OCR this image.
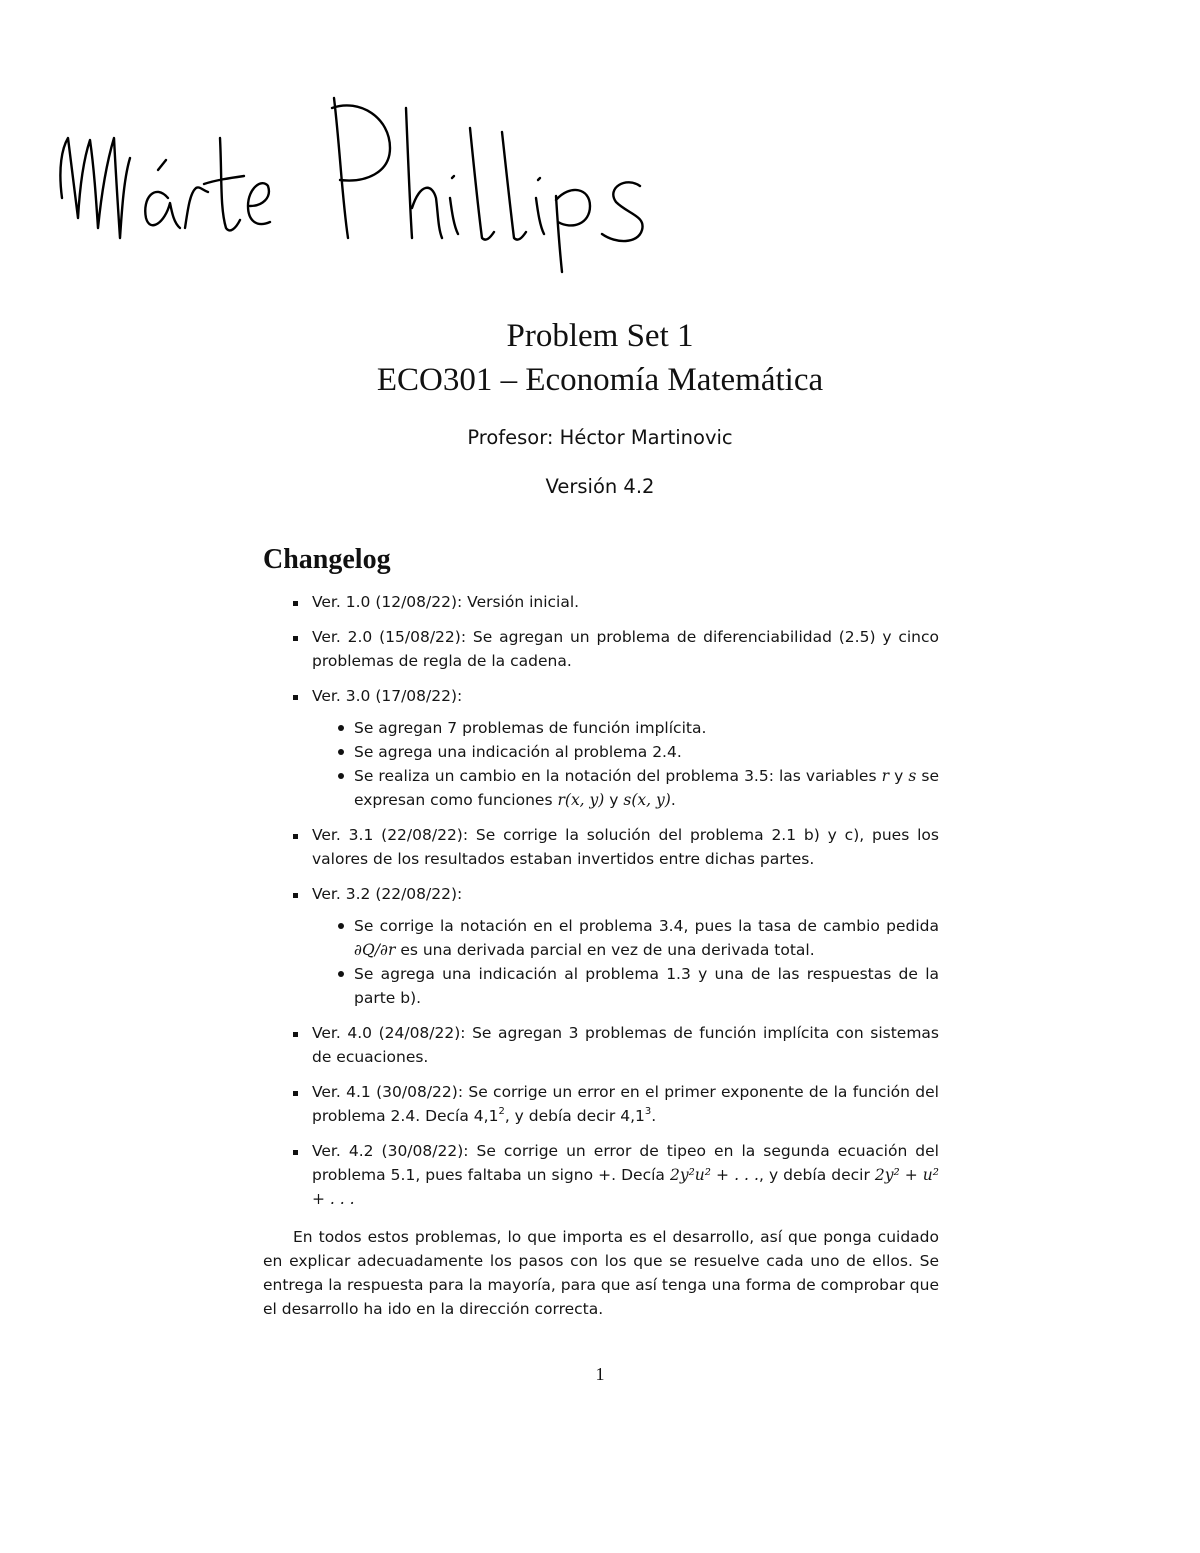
Problem Set 1
ECO301 – Economía Matemática
Profesor: Héctor Martinovic
Versión 4.2
Changelog
Ver. 1.0 (12/08/22): Versión inicial.
Ver. 2.0 (15/08/22): Se agregan un problema de diferenciabilidad (2.5) y cinco problemas de regla de la cadena.
Ver. 3.0 (17/08/22):
Se agregan 7 problemas de función implícita.
Se agrega una indicación al problema 2.4.
Se realiza un cambio en la notación del problema 3.5: las variables r y s se expresan como funciones r(x, y) y s(x, y).
Ver. 3.1 (22/08/22): Se corrige la solución del problema 2.1 b) y c), pues los valores de los resultados estaban invertidos entre dichas partes.
Ver. 3.2 (22/08/22):
Se corrige la notación en el problema 3.4, pues la tasa de cambio pedida ∂Q/∂r es una derivada parcial en vez de una derivada total.
Se agrega una indicación al problema 1.3 y una de las respuestas de la parte b).
Ver. 4.0 (24/08/22): Se agregan 3 problemas de función implícita con sistemas de ecuaciones.
Ver. 4.1 (30/08/22): Se corrige un error en el primer exponente de la función del problema 2.4. Decía $4,1^2$, y debía decir $4,1^3$.
Ver. 4.2 (30/08/22): Se corrige un error de tipeo en la segunda ecuación del problema 5.1, pues faltaba un signo +. Decía 2y²u² + . . ., y debía decir 2y² + u² + . . .

En todos estos problemas, lo que importa es el desarrollo, así que ponga cuidado en explicar adecuadamente los pasos con los que se resuelve cada uno de ellos. Se entrega la respuesta para la mayoría, para que así tenga una forma de comprobar que el desarrollo ha ido en la dirección correcta.

1
